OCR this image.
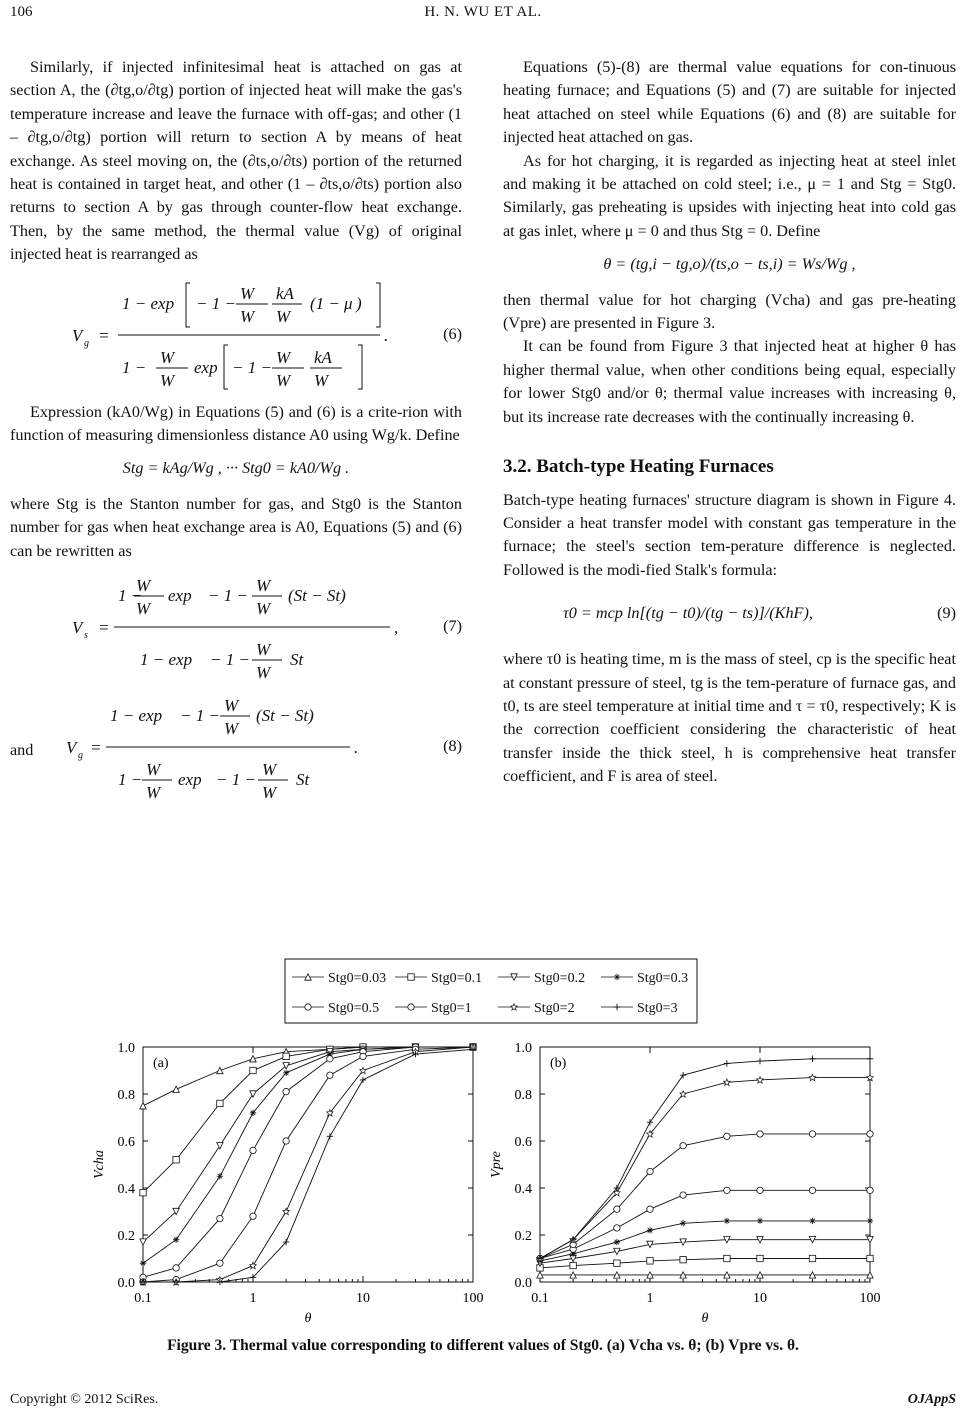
106	H. N. WU ET AL.

Similarly, if injected infinitesimal heat is attached on gas at section A, the (∂tg,o/∂tg) portion of injected heat will make the gas's temperature increase and leave the furnace with off-gas; and other (1 – ∂tg,o/∂tg) portion will return to section A by means of heat exchange. As steel moving on, the (∂ts,o/∂ts) portion of the returned heat is contained in target heat, and other (1 – ∂ts,o/∂ts) portion also returns to section A by gas through counter-flow heat exchange. Then, by the same method, the thermal value (Vg) of original injected heat is rearranged as

V g =
1 − exp − 1 −
W
W
kA
W
(1 − μ )
1 −
W
W
exp − 1 −
W
W
kA
W
.	(6)

Expression (kA0/Wg) in Equations (5) and (6) is a crite-rion with function of measuring dimensionless distance A0 using Wg/k. Define

Stg = kAg/Wg , ··· Stg0 = kA0/Wg .

where Stg is the Stanton number for gas, and Stg0 is the Stanton number for gas when heat exchange area is A0, Equations (5) and (6) can be rewritten as

V s =
1 −
W
W
exp − 1 −
W
W
(St − St)
1 − exp − 1 −
W
W
St
,	(7)
and V g =
1 − exp − 1 −
W
W
(St − St)
1 −
W
W
exp − 1 −
W
W
St
.	(8)

Equations (5)-(8) are thermal value equations for con-tinuous heating furnace; and Equations (5) and (7) are suitable for injected heat attached on steel while Equations (6) and (8) are suitable for injected heat attached on gas.

As for hot charging, it is regarded as injecting heat at steel inlet and making it be attached on cold steel; i.e., μ = 1 and Stg = Stg0. Similarly, gas preheating is upsides with injecting heat into cold gas at gas inlet, where μ = 0 and thus Stg = 0. Define

θ = (tg,i − tg,o)/(ts,o − ts,i) = Ws/Wg ,

then thermal value for hot charging (Vcha) and gas pre-heating (Vpre) are presented in Figure 3.

It can be found from Figure 3 that injected heat at higher θ has higher thermal value, when other conditions being equal, especially for lower Stg0 and/or θ; thermal value increases with increasing θ, but its increase rate decreases with the continually increasing θ.

3.2. Batch-type Heating Furnaces

Batch-type heating furnaces' structure diagram is shown in Figure 4. Consider a heat transfer model with constant gas temperature in the furnace; the steel's section tem-perature difference is neglected. Followed is the modi-fied Stalk's formula:

τ0 = mcp ln[(tg − t0)/(tg − ts)]/(KhF),	(9)

where τ0 is heating time, m is the mass of steel, cp is the specific heat at constant pressure of steel, tg is the tem-perature of furnace gas, and t0, ts are steel temperature at initial time and τ = τ0, respectively; K is the correction coefficient considering the characteristic of heat transfer inside the thick steel, h is comprehensive heat transfer coefficient, and F is area of steel.

Stg0=0.03	Stg0=0.1	Stg0=0.2	Stg0=0.3
Stg0=0.5	Stg0=1	Stg0=2	Stg0=3
0.0
0.2
0.4
0.6
0.8
1.0
0.1	1	10	100
(a)
θ
Vcha
0.0
0.2
0.4
0.6
0.8
1.0
0.1	1	10	100
(b)
θ
Vpre
Figure 3. Thermal value corresponding to different values of Stg0. (a) Vcha vs. θ; (b) Vpre vs. θ.
Copyright © 2012 SciRes.	OJAppS
